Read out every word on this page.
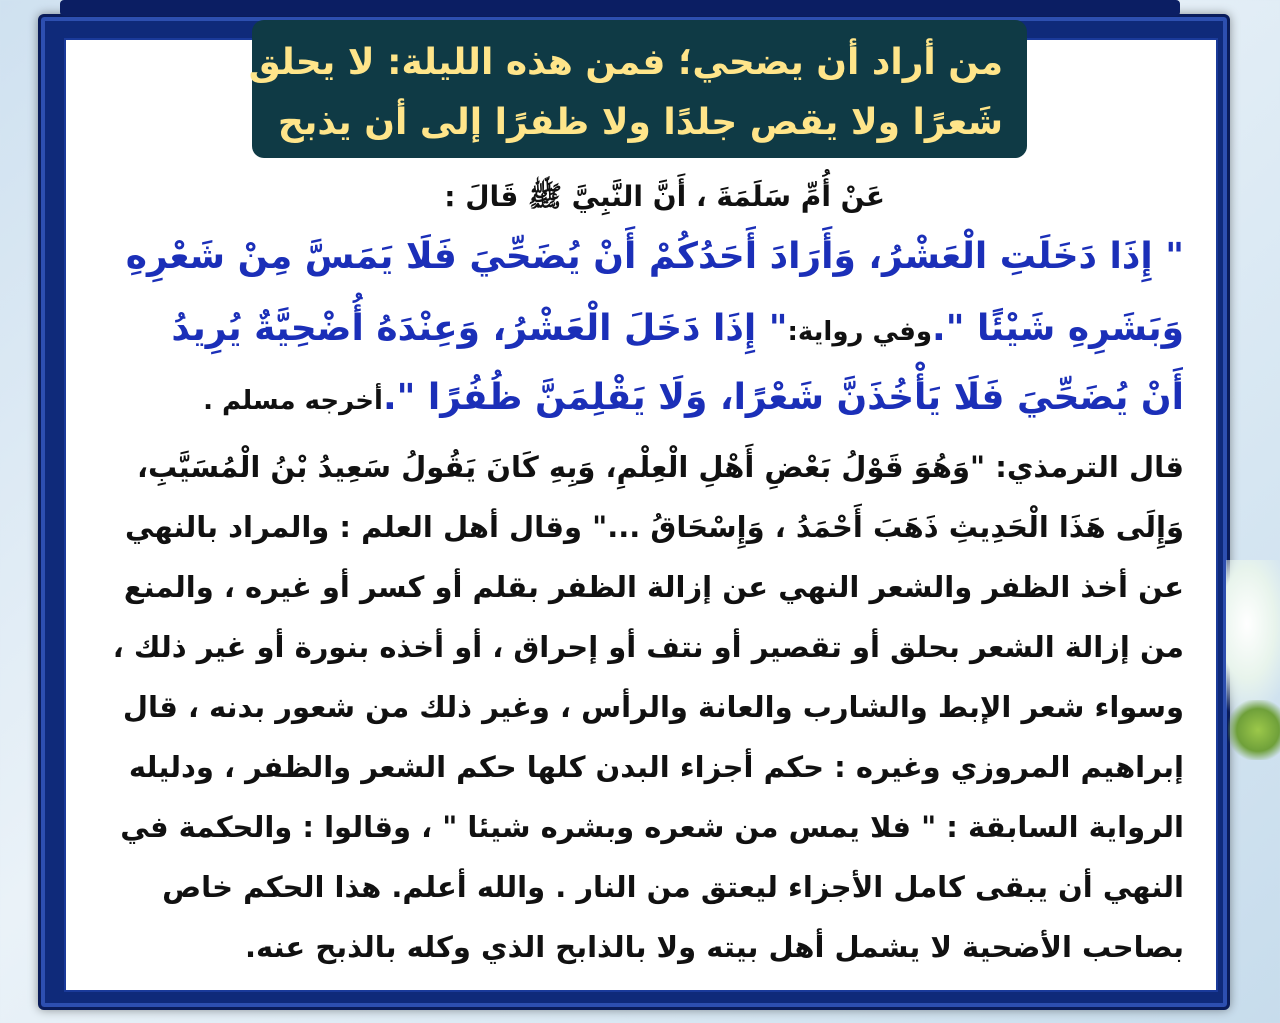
من أراد أن يضحي؛ فمن هذه الليلة: لا يحلق
شَعرًا ولا يقص جلدًا ولا ظفرًا إلى أن يذبح
عَنْ أُمِّ سَلَمَةَ ، أَنَّ النَّبِيَّ ﷺ قَالَ :
" إِذَا دَخَلَتِ الْعَشْرُ، وَأَرَادَ أَحَدُكُمْ أَنْ يُضَحِّيَ فَلَا يَمَسَّ مِنْ شَعْرِهِ
وَبَشَرِهِ شَيْئًا ".وفي رواية:" إِذَا دَخَلَ الْعَشْرُ، وَعِنْدَهُ أُضْحِيَّةٌ يُرِيدُ
أَنْ يُضَحِّيَ فَلَا يَأْخُذَنَّ شَعْرًا، وَلَا يَقْلِمَنَّ ظُفُرًا ".أخرجه مسلم .
قال الترمذي: "وَهُوَ قَوْلُ بَعْضِ أَهْلِ الْعِلْمِ، وَبِهِ كَانَ يَقُولُ سَعِيدُ بْنُ الْمُسَيَّبِ،
وَإِلَى هَذَا الْحَدِيثِ ذَهَبَ أَحْمَدُ ، وَإِسْحَاقُ ..." وقال أهل العلم : والمراد بالنهي
عن أخذ الظفر والشعر النهي عن إزالة الظفر بقلم أو كسر أو غيره ، والمنع
من إزالة الشعر بحلق أو تقصير أو نتف أو إحراق ، أو أخذه بنورة أو غير ذلك ،
وسواء شعر الإبط والشارب والعانة والرأس ، وغير ذلك من شعور بدنه ، قال
إبراهيم المروزي وغيره : حكم أجزاء البدن كلها حكم الشعر والظفر ، ودليله
الرواية السابقة : " فلا يمس من شعره وبشره شيئا " ، وقالوا : والحكمة في
النهي أن يبقى كامل الأجزاء ليعتق من النار . والله أعلم. هذا الحكم خاص
بصاحب الأضحية لا يشمل أهل بيته ولا بالذابح الذي وكله بالذبح عنه.
